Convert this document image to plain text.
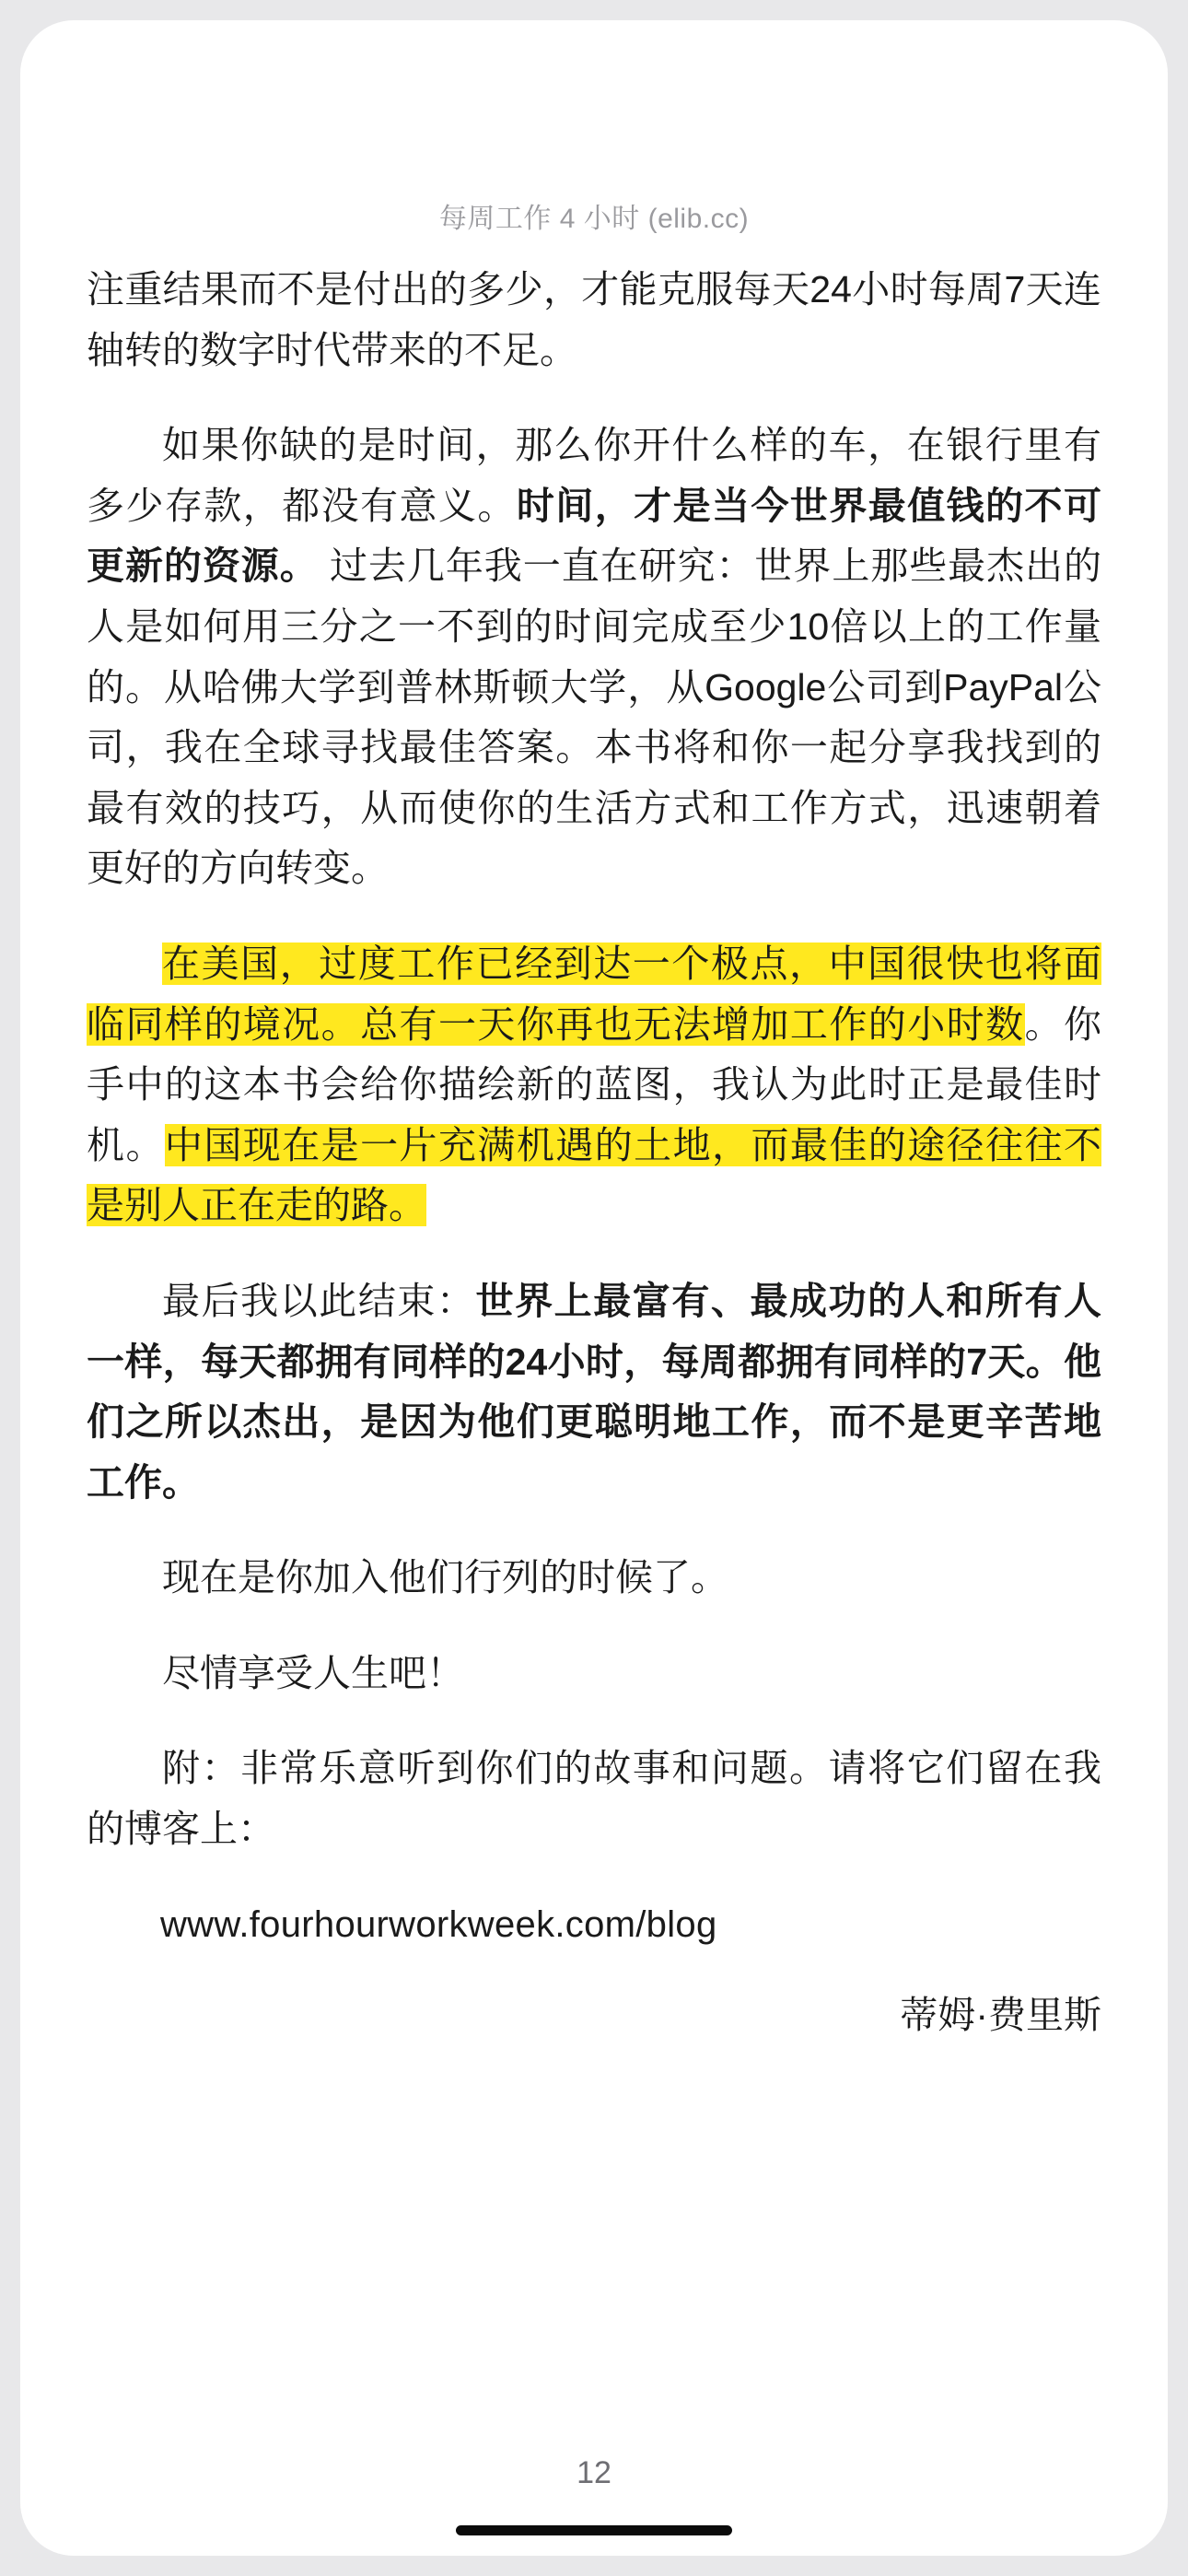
每周工作 4 小时 (elib.cc)

注重结果而不是付出的多少，才能克服每天24小时每周7天连轴转的数字时代带来的不足。

如果你缺的是时间，那么你开什么样的车，在银行里有多少存款，都没有意义。时间，才是当今世界最值钱的不可更新的资源。 过去几年我一直在研究：世界上那些最杰出的人是如何用三分之一不到的时间完成至少10倍以上的工作量的。从哈佛大学到普林斯顿大学，从Google公司到PayPal公司，我在全球寻找最佳答案。本书将和你一起分享我找到的最有效的技巧，从而使你的生活方式和工作方式，迅速朝着更好的方向转变。

在美国，过度工作已经到达一个极点，中国很快也将面临同样的境况。总有一天你再也无法增加工作的小时数。你手中的这本书会给你描绘新的蓝图，我认为此时正是最佳时机。中国现在是一片充满机遇的土地，而最佳的途径往往不是别人正在走的路。

最后我以此结束：世界上最富有、最成功的人和所有人一样，每天都拥有同样的24小时，每周都拥有同样的7天。他们之所以杰出，是因为他们更聪明地工作，而不是更辛苦地工作。

现在是你加入他们行列的时候了。

尽情享受人生吧！

附：非常乐意听到你们的故事和问题。请将它们留在我的博客上：

www.fourhourworkweek.com/blog

蒂姆·费里斯

12
